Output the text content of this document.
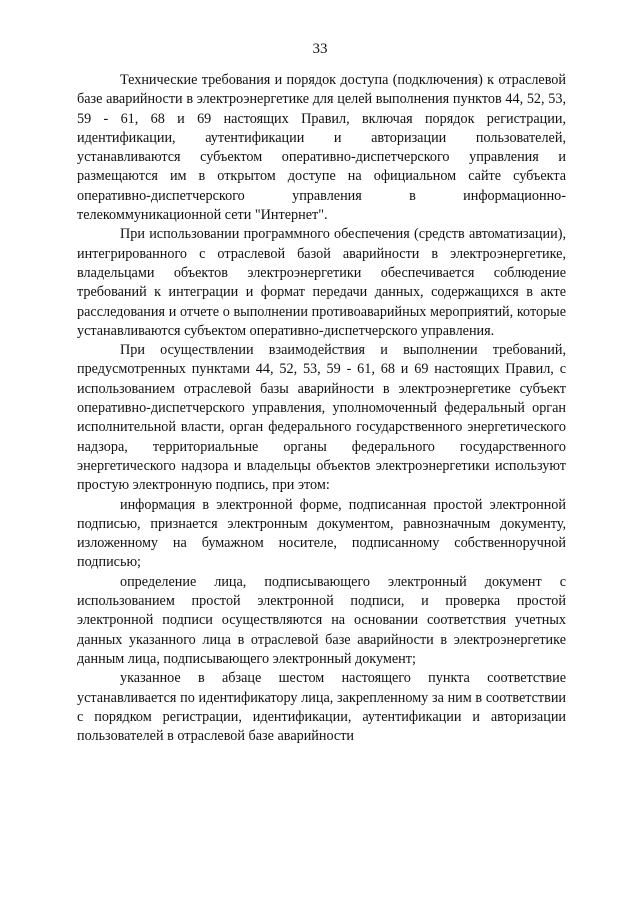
33

Технические требования и порядок доступа (подключения) к отраслевой базе аварийности в электроэнергетике для целей выполнения пунктов 44, 52, 53, 59 - 61, 68 и 69 настоящих Правил, включая порядок регистрации, идентификации, аутентификации и авторизации пользователей, устанавливаются субъектом оперативно-диспетчерского управления и размещаются им в открытом доступе на официальном сайте субъекта оперативно-диспетчерского управления в информационно-телекоммуникационной сети "Интернет".

При использовании программного обеспечения (средств автоматизации), интегрированного с отраслевой базой аварийности в электроэнергетике, владельцами объектов электроэнергетики обеспечивается соблюдение требований к интеграции и формат передачи данных, содержащихся в акте расследования и отчете о выполнении противоаварийных мероприятий, которые устанавливаются субъектом оперативно-диспетчерского управления.

При осуществлении взаимодействия и выполнении требований, предусмотренных пунктами 44, 52, 53, 59 - 61, 68 и 69 настоящих Правил, с использованием отраслевой базы аварийности в электроэнергетике субъект оперативно-диспетчерского управления, уполномоченный федеральный орган исполнительной власти, орган федерального государственного энергетического надзора, территориальные органы федерального государственного энергетического надзора и владельцы объектов электроэнергетики используют простую электронную подпись, при этом:

информация в электронной форме, подписанная простой электронной подписью, признается электронным документом, равнозначным документу, изложенному на бумажном носителе, подписанному собственноручной подписью;

определение лица, подписывающего электронный документ с использованием простой электронной подписи, и проверка простой электронной подписи осуществляются на основании соответствия учетных данных указанного лица в отраслевой базе аварийности в электроэнергетике данным лица, подписывающего электронный документ;

указанное в абзаце шестом настоящего пункта соответствие устанавливается по идентификатору лица, закрепленному за ним в соответствии с порядком регистрации, идентификации, аутентификации и авторизации пользователей в отраслевой базе аварийности
